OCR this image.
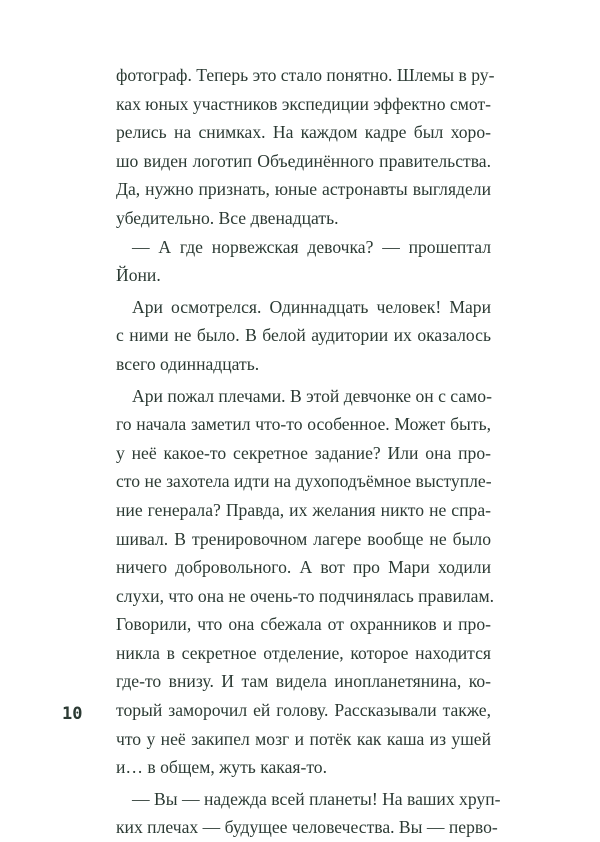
фотограф. Теперь это стало понятно. Шлемы в ру-
ках юных участников экспедиции эффектно смот-
релись на снимках. На каждом кадре был хоро-
шо виден логотип Объединённого правительства.
Да, нужно признать, юные астронавты выглядели
убедительно. Все двенадцать.
— А где норвежская девочка? — прошептал
Йони.
Ари осмотрелся. Одиннадцать человек! Мари
с ними не было. В белой аудитории их оказалось
всего одиннадцать.
Ари пожал плечами. В этой девчонке он с само-
го начала заметил что-то особенное. Может быть,
у неё какое-то секретное задание? Или она про-
сто не захотела идти на духоподъёмное выступле-
ние генерала? Правда, их желания никто не спра-
шивал. В тренировочном лагере вообще не было
ничего добровольного. А вот про Мари ходили
слухи, что она не очень-то подчинялась правилам.
Говорили, что она сбежала от охранников и про-
никла в секретное отделение, которое находится
где-то внизу. И там видела инопланетянина, ко-
торый заморочил ей голову. Рассказывали также,
что у неё закипел мозг и потёк как каша из ушей
и… в общем, жуть какая-то.
— Вы — надежда всей планеты! На ваших хруп-
ких плечах — будущее человечества. Вы — перво-
10
